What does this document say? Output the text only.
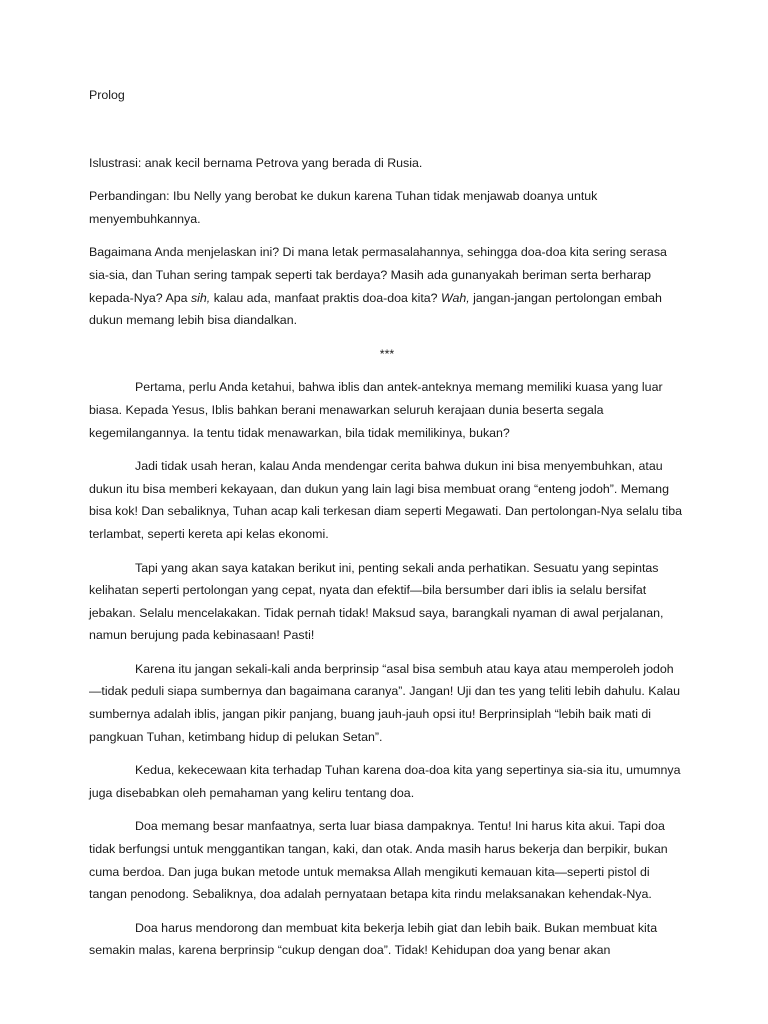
Prolog

Islustrasi: anak kecil bernama Petrova yang berada di Rusia.

Perbandingan: Ibu Nelly yang berobat ke dukun karena Tuhan tidak menjawab doanya untuk menyembuhkannya.

Bagaimana Anda menjelaskan ini? Di mana letak permasalahannya, sehingga doa-doa kita sering serasa sia-sia, dan Tuhan sering tampak seperti tak berdaya? Masih ada gunanyakah beriman serta berharap kepada-Nya? Apa sih, kalau ada, manfaat praktis doa-doa kita? Wah, jangan-jangan pertolongan embah dukun memang lebih bisa diandalkan.

***

Pertama, perlu Anda ketahui, bahwa iblis dan antek-anteknya memang memiliki kuasa yang luar biasa. Kepada Yesus, Iblis bahkan berani menawarkan seluruh kerajaan dunia beserta segala kegemilangannya. Ia tentu tidak menawarkan, bila tidak memilikinya, bukan?

Jadi tidak usah heran, kalau Anda mendengar cerita bahwa dukun ini bisa menyembuhkan, atau dukun itu bisa memberi kekayaan, dan dukun yang lain lagi bisa membuat orang “enteng jodoh”. Memang bisa kok! Dan sebaliknya, Tuhan acap kali terkesan diam seperti Megawati. Dan pertolongan-Nya selalu tiba terlambat, seperti kereta api kelas ekonomi.

Tapi yang akan saya katakan berikut ini, penting sekali anda perhatikan. Sesuatu yang sepintas kelihatan seperti pertolongan yang cepat, nyata dan efektif—bila bersumber dari iblis ia selalu bersifat jebakan. Selalu mencelakakan. Tidak pernah tidak! Maksud saya, barangkali nyaman di awal perjalanan, namun berujung pada kebinasaan! Pasti!

Karena itu jangan sekali-kali anda berprinsip “asal bisa sembuh atau kaya atau memperoleh jodoh—tidak peduli siapa sumbernya dan bagaimana caranya”. Jangan! Uji dan tes yang teliti lebih dahulu. Kalau sumbernya adalah iblis, jangan pikir panjang, buang jauh-jauh opsi itu! Berprinsiplah “lebih baik mati di pangkuan Tuhan, ketimbang hidup di pelukan Setan”.

Kedua, kekecewaan kita terhadap Tuhan karena doa-doa kita yang sepertinya sia-sia itu, umumnya juga disebabkan oleh pemahaman yang keliru tentang doa.

Doa memang besar manfaatnya, serta luar biasa dampaknya. Tentu! Ini harus kita akui. Tapi doa tidak berfungsi untuk menggantikan tangan, kaki, dan otak. Anda masih harus bekerja dan berpikir, bukan cuma berdoa. Dan juga bukan metode untuk memaksa Allah mengikuti kemauan kita—seperti pistol di tangan penodong. Sebaliknya, doa adalah pernyataan betapa kita rindu melaksanakan kehendak-Nya.

Doa harus mendorong dan membuat kita bekerja lebih giat dan lebih baik. Bukan membuat kita semakin malas, karena berprinsip “cukup dengan doa”. Tidak! Kehidupan doa yang benar akan
